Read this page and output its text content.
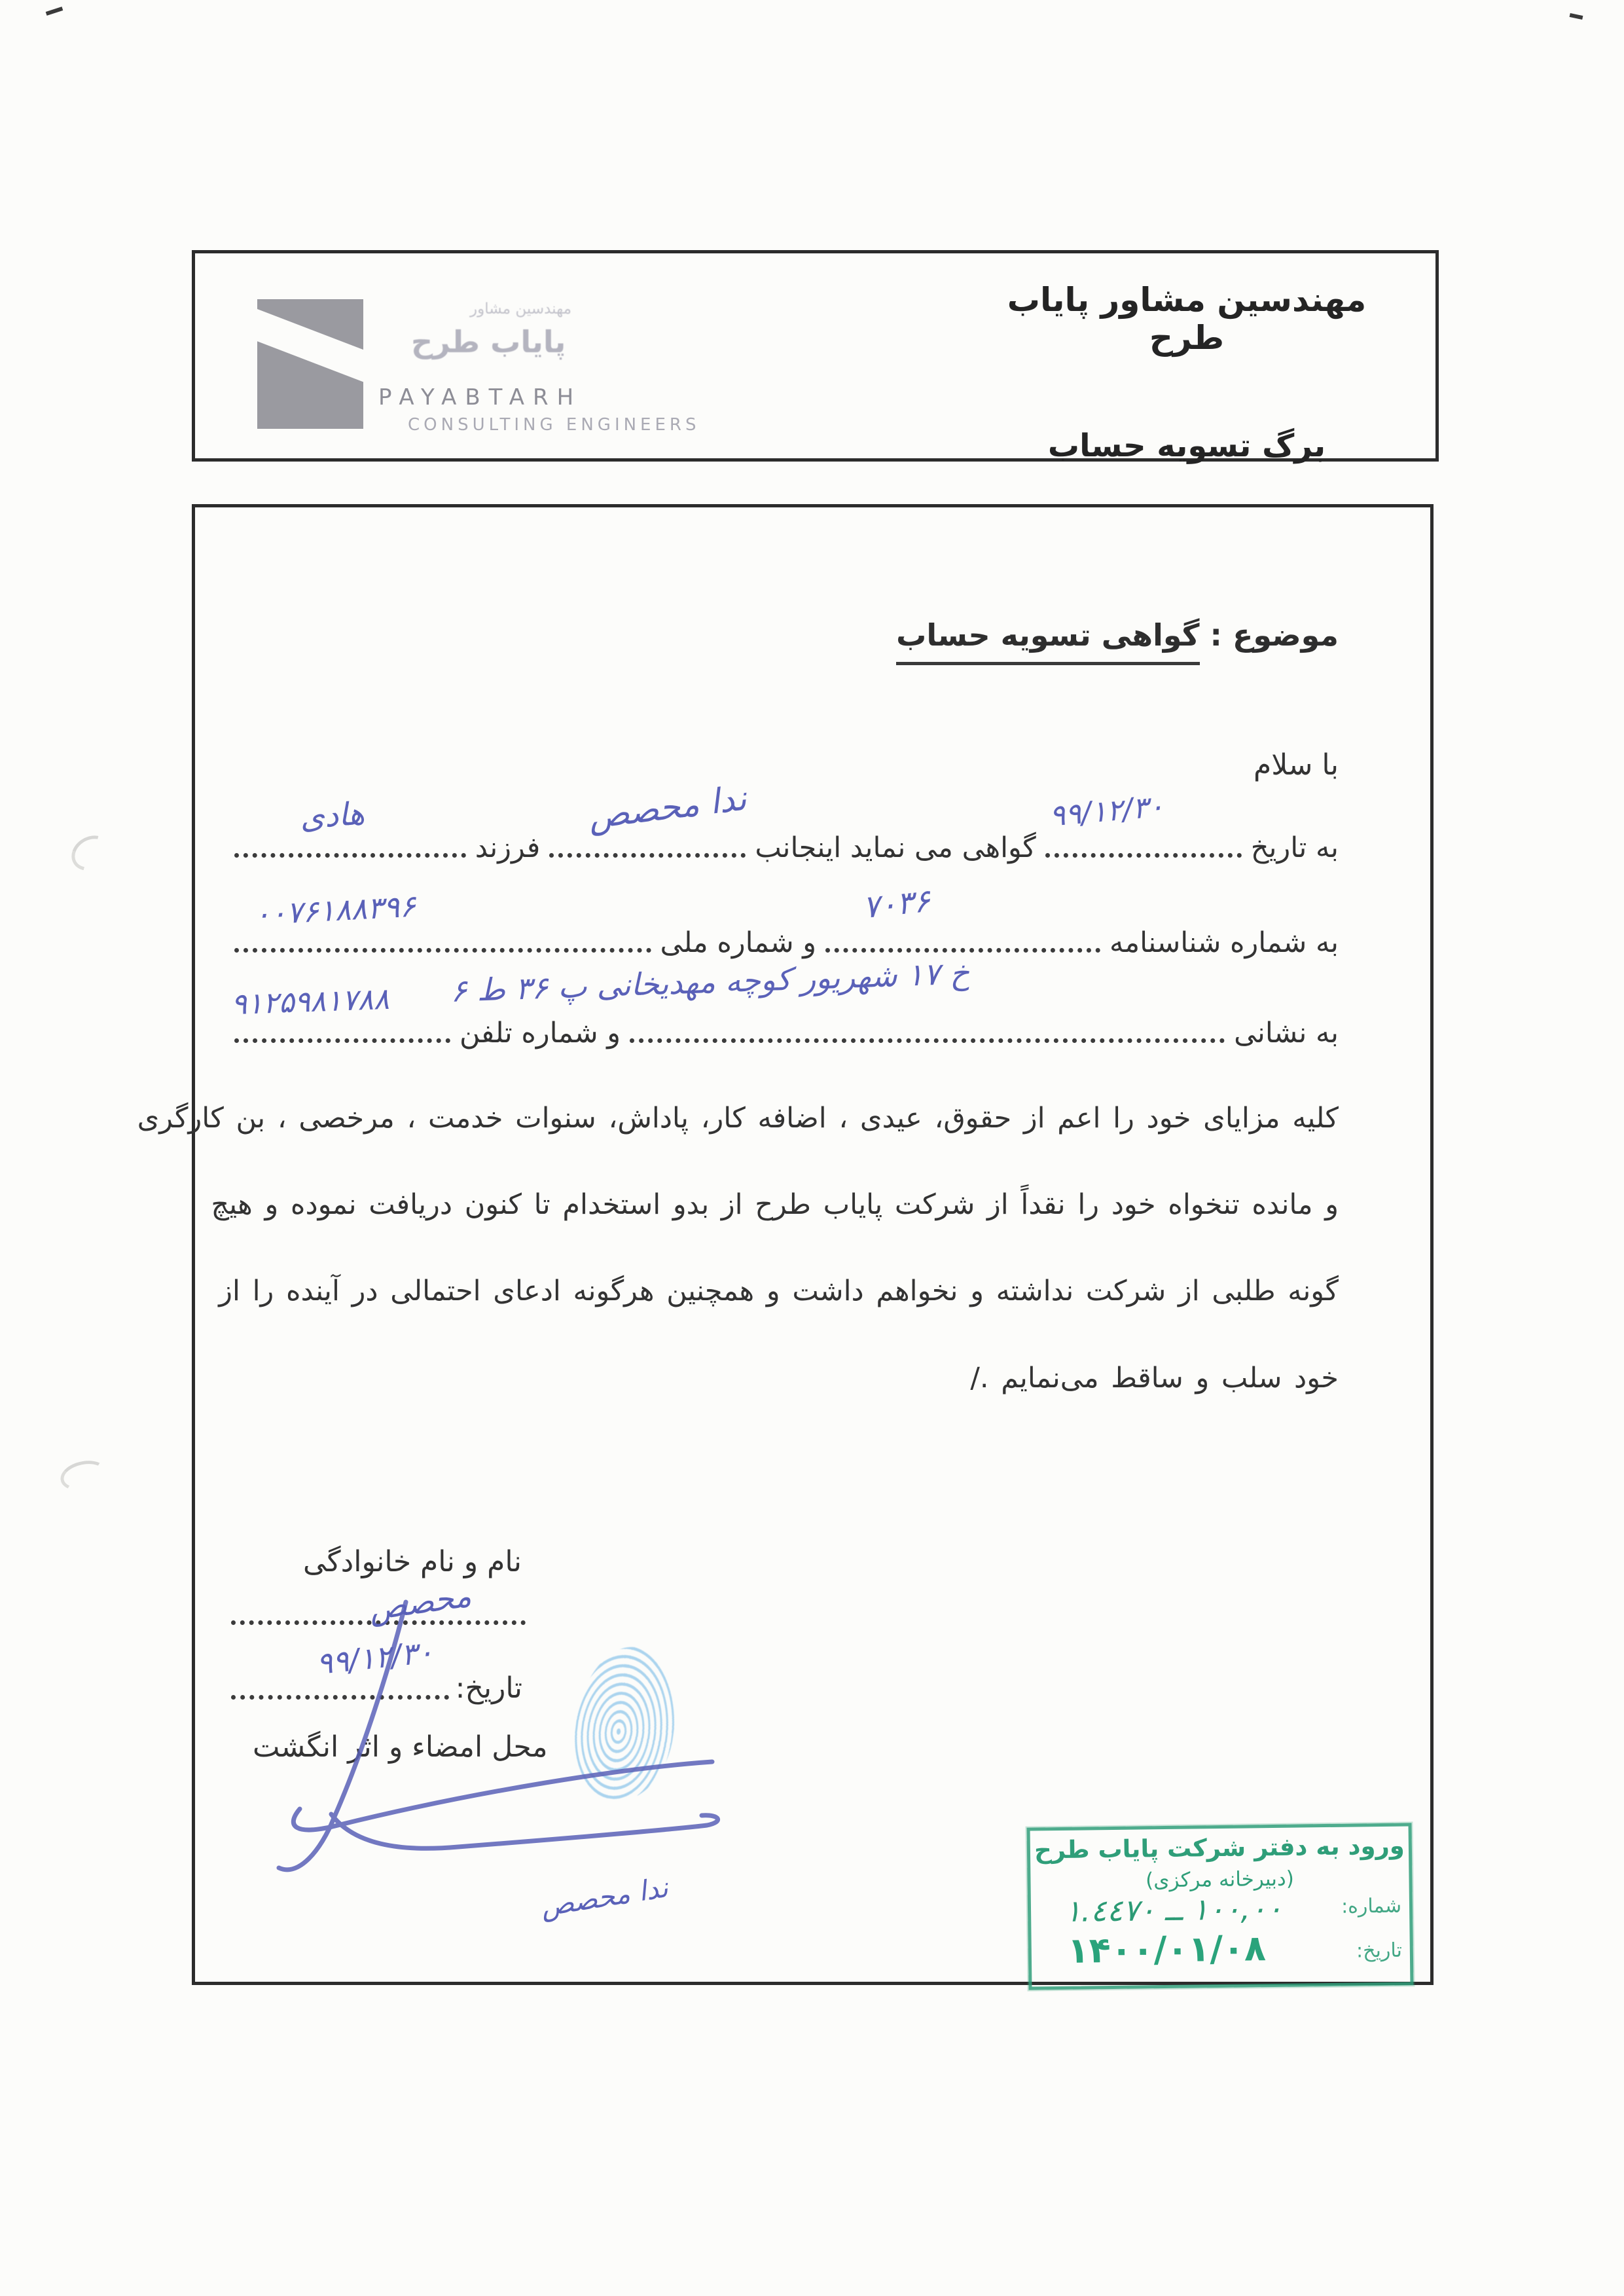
مهندسین مشاور
پایاب طرح
PAYABTARH
CONSULTING ENGINEERS
مهندسین مشاور پایاب طرح
برگ تسویه حساب
موضوع : گواهی تسویه حساب
با سلام
به تاریخ
گواهی می نماید اینجانب
فرزند
۹۹/۱۲/۳۰
ندا محصص
هادی
به شماره شناسنامه
و شماره ملی
۷۰۳۶
۰۰۷۶۱۸۸۳۹۶
به نشانی
و شماره تلفن
خ ۱۷ شهریور کوچه مهدیخانی پ ۳۶ ط ۶
۹۱۲۵۹۸۱۷۸۸
کلیه مزایای خود را اعم از حقوق، عیدی ، اضافه کار، پاداش، سنوات خدمت ، مرخصی ، بن کارگری
و مانده تنخواه خود را نقداً از شرکت پایاب طرح از بدو استخدام تا کنون دریافت نموده و هیچ
گونه طلبی از شرکت نداشته و نخواهم داشت و همچنین هرگونه ادعای احتمالی در آینده را از
خود سلب و ساقط می‌نمایم ./
نام و نام خانوادگی
محصص
تاریخ:
۹۹/۱۲/۳۰
محل امضاء و اثر انگشت
ندا محصص
ورود به دفتر شرکت پایاب طرح
(دبیرخانه مرکزی)
شماره:
۱۰۰,۰۰ ــ ۱.٤٤٧٠
تاریخ:
۱۴۰۰/۰۱/۰۸
